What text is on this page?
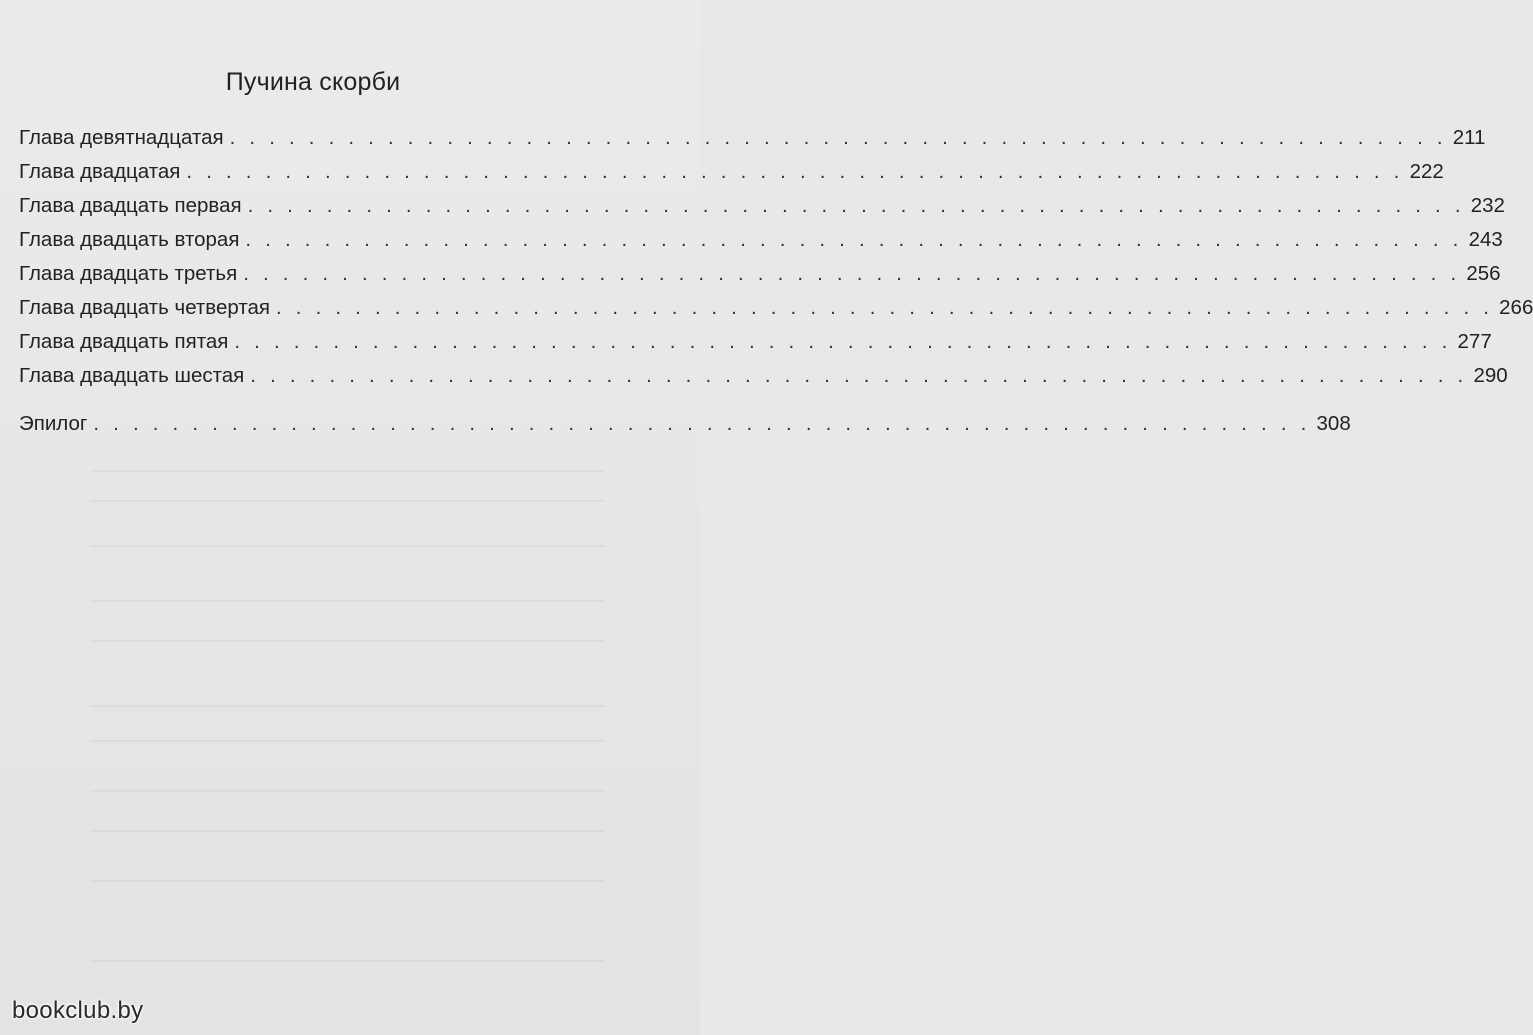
Пучина скорби
Глава девятнадцатая . . . . . . . . . . . . . . . . . . . . . . . . . . . . . . . . . . . . . . . . . . . . . . . . . . . . . . . . . . . . . . 211
Глава двадцатая . . . . . . . . . . . . . . . . . . . . . . . . . . . . . . . . . . . . . . . . . . . . . . . . . . . . . . . . . . . . . . 222
Глава двадцать первая . . . . . . . . . . . . . . . . . . . . . . . . . . . . . . . . . . . . . . . . . . . . . . . . . . . . . . . . . . . . . . 232
Глава двадцать вторая . . . . . . . . . . . . . . . . . . . . . . . . . . . . . . . . . . . . . . . . . . . . . . . . . . . . . . . . . . . . . . 243
Глава двадцать третья . . . . . . . . . . . . . . . . . . . . . . . . . . . . . . . . . . . . . . . . . . . . . . . . . . . . . . . . . . . . . . 256
Глава двадцать четвертая . . . . . . . . . . . . . . . . . . . . . . . . . . . . . . . . . . . . . . . . . . . . . . . . . . . . . . . . . . . . . . 266
Глава двадцать пятая . . . . . . . . . . . . . . . . . . . . . . . . . . . . . . . . . . . . . . . . . . . . . . . . . . . . . . . . . . . . . . 277
Глава двадцать шестая . . . . . . . . . . . . . . . . . . . . . . . . . . . . . . . . . . . . . . . . . . . . . . . . . . . . . . . . . . . . . . 290
Эпилог . . . . . . . . . . . . . . . . . . . . . . . . . . . . . . . . . . . . . . . . . . . . . . . . . . . . . . . . . . . . . . 308
bookclub.by
